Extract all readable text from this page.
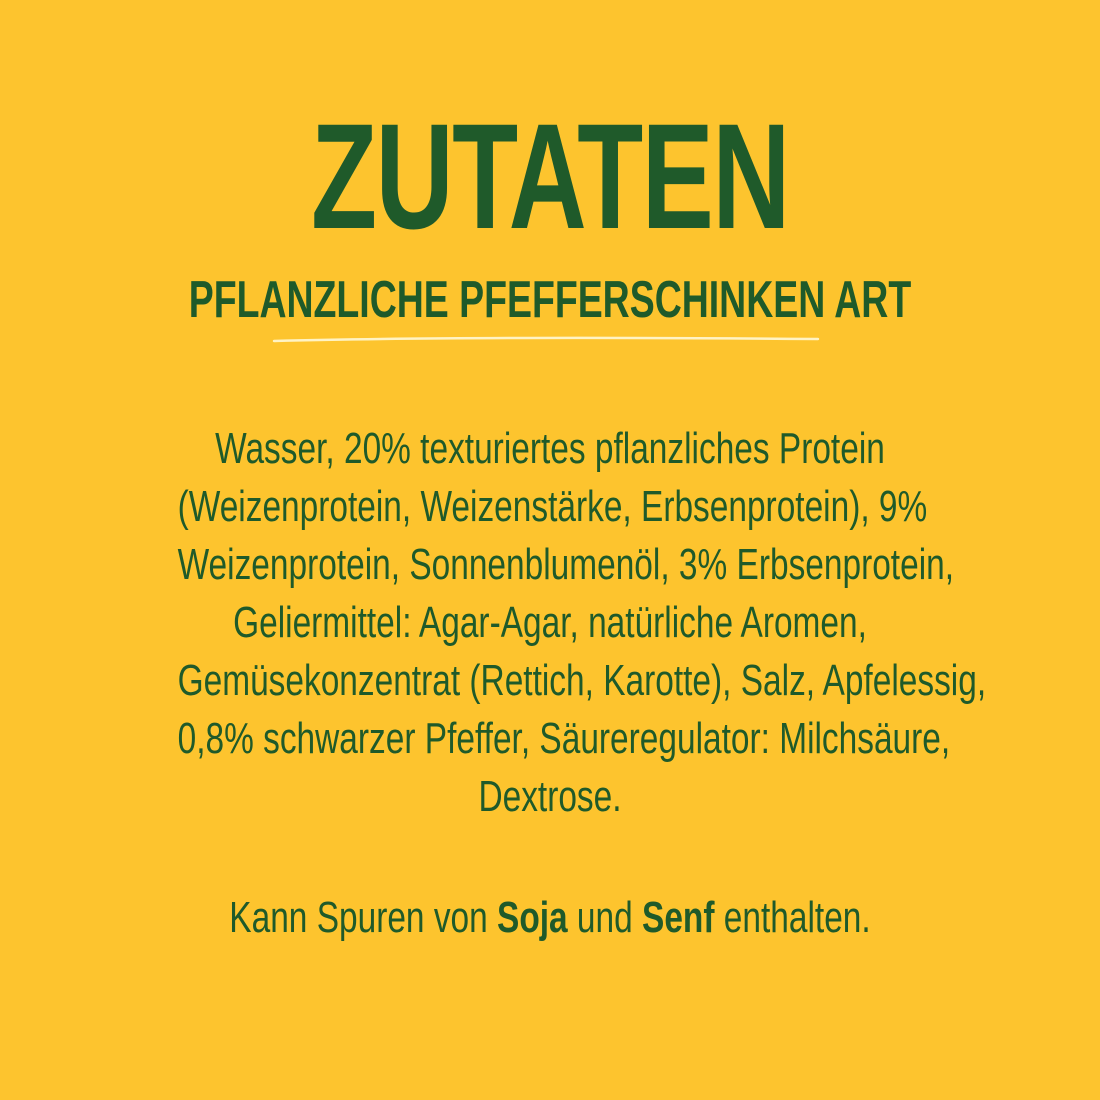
ZUTATEN
PFLANZLICHE PFEFFERSCHINKEN ART
Wasser, 20% texturiertes pflanzliches Protein
(Weizenprotein, Weizenstärke, Erbsenprotein), 9%
Weizenprotein, Sonnenblumenöl, 3% Erbsenprotein,
Geliermittel: Agar-Agar, natürliche Aromen,
Gemüsekonzentrat (Rettich, Karotte), Salz, Apfelessig,
0,8% schwarzer Pfeffer, Säureregulator: Milchsäure,
Dextrose.

Kann Spuren von Soja und Senf enthalten.
